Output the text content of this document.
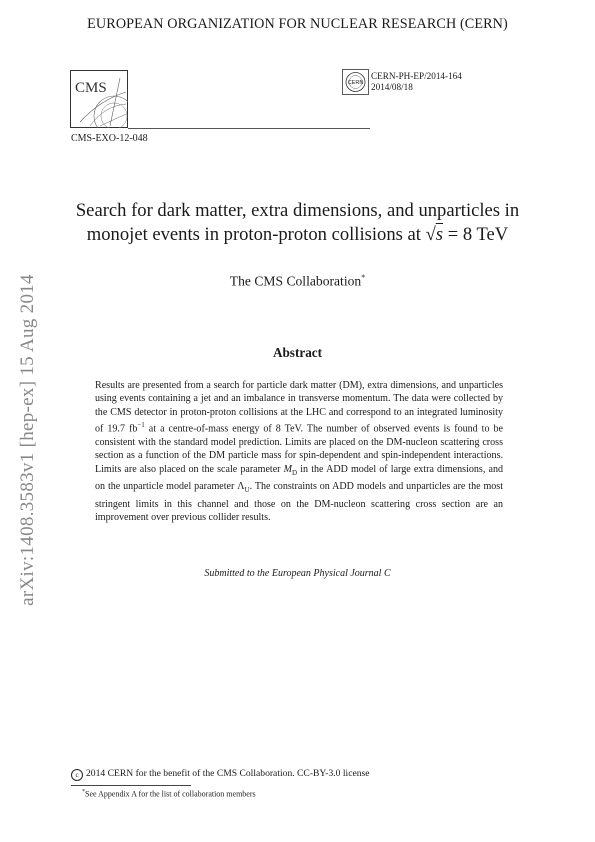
EUROPEAN ORGANIZATION FOR NUCLEAR RESEARCH (CERN)
CMS
CMS-EXO-12-048
CERN
CERN-PH-EP/2014-164
2014/08/18
Search for dark matter, extra dimensions, and unparticles in
monojet events in proton-proton collisions at √s = 8 TeV
The CMS Collaboration*
Abstract
Results are presented from a search for particle dark matter (DM), extra dimensions, and unparticles using events containing a jet and an imbalance in transverse momentum. The data were collected by the CMS detector in proton-proton collisions at the LHC and correspond to an integrated luminosity of 19.7 $fb^{-1}$ at a centre-of-mass energy of 8 TeV. The number of observed events is found to be consistent with the standard model prediction. Limits are placed on the DM-nucleon scattering cross section as a function of the DM particle mass for spin-dependent and spin-independent interactions. Limits are also placed on the scale parameter $M_D$ in the ADD model of large extra dimensions, and on the unparticle model parameter $\Lambda_U$. The constraints on ADD models and unparticles are the most stringent limits in this channel and those on the DM-nucleon scattering cross section are an improvement over previous collider results.
Submitted to the European Physical Journal C
arXiv:1408.3583v1 [hep-ex] 15 Aug 2014
c 2014 CERN for the benefit of the CMS Collaboration. CC-BY-3.0 license
*See Appendix A for the list of collaboration members
